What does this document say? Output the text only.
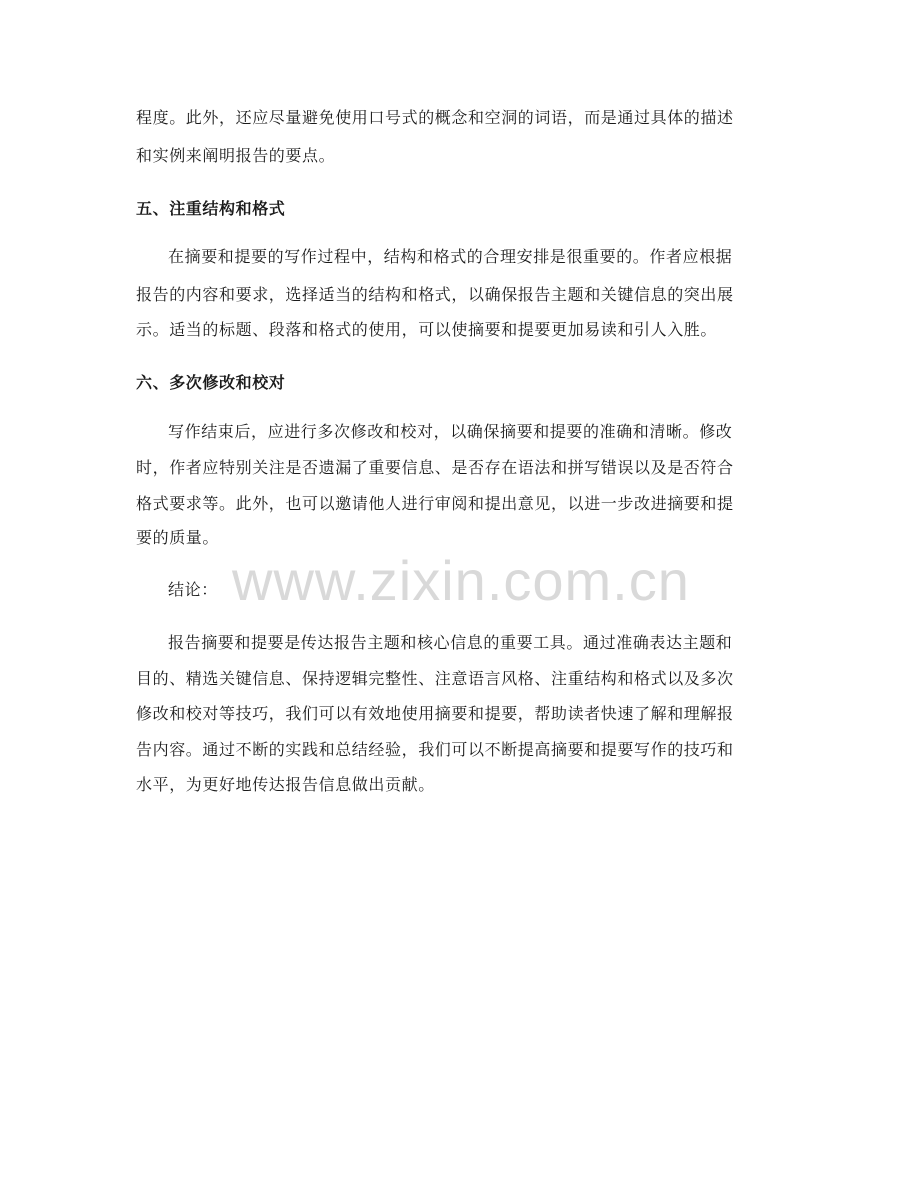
程度。此外，还应尽量避免使用口号式的概念和空洞的词语，而是通过具体的描述
和实例来阐明报告的要点。
五、注重结构和格式
在摘要和提要的写作过程中，结构和格式的合理安排是很重要的。作者应根据
报告的内容和要求，选择适当的结构和格式，以确保报告主题和关键信息的突出展
示。适当的标题、段落和格式的使用，可以使摘要和提要更加易读和引人入胜。
六、多次修改和校对
写作结束后，应进行多次修改和校对，以确保摘要和提要的准确和清晰。修改
时，作者应特别关注是否遗漏了重要信息、是否存在语法和拼写错误以及是否符合
格式要求等。此外，也可以邀请他人进行审阅和提出意见，以进一步改进摘要和提
要的质量。
www.zixin.com.cn
结论：
报告摘要和提要是传达报告主题和核心信息的重要工具。通过准确表达主题和
目的、精选关键信息、保持逻辑完整性、注意语言风格、注重结构和格式以及多次
修改和校对等技巧，我们可以有效地使用摘要和提要，帮助读者快速了解和理解报
告内容。通过不断的实践和总结经验，我们可以不断提高摘要和提要写作的技巧和
水平，为更好地传达报告信息做出贡献。
